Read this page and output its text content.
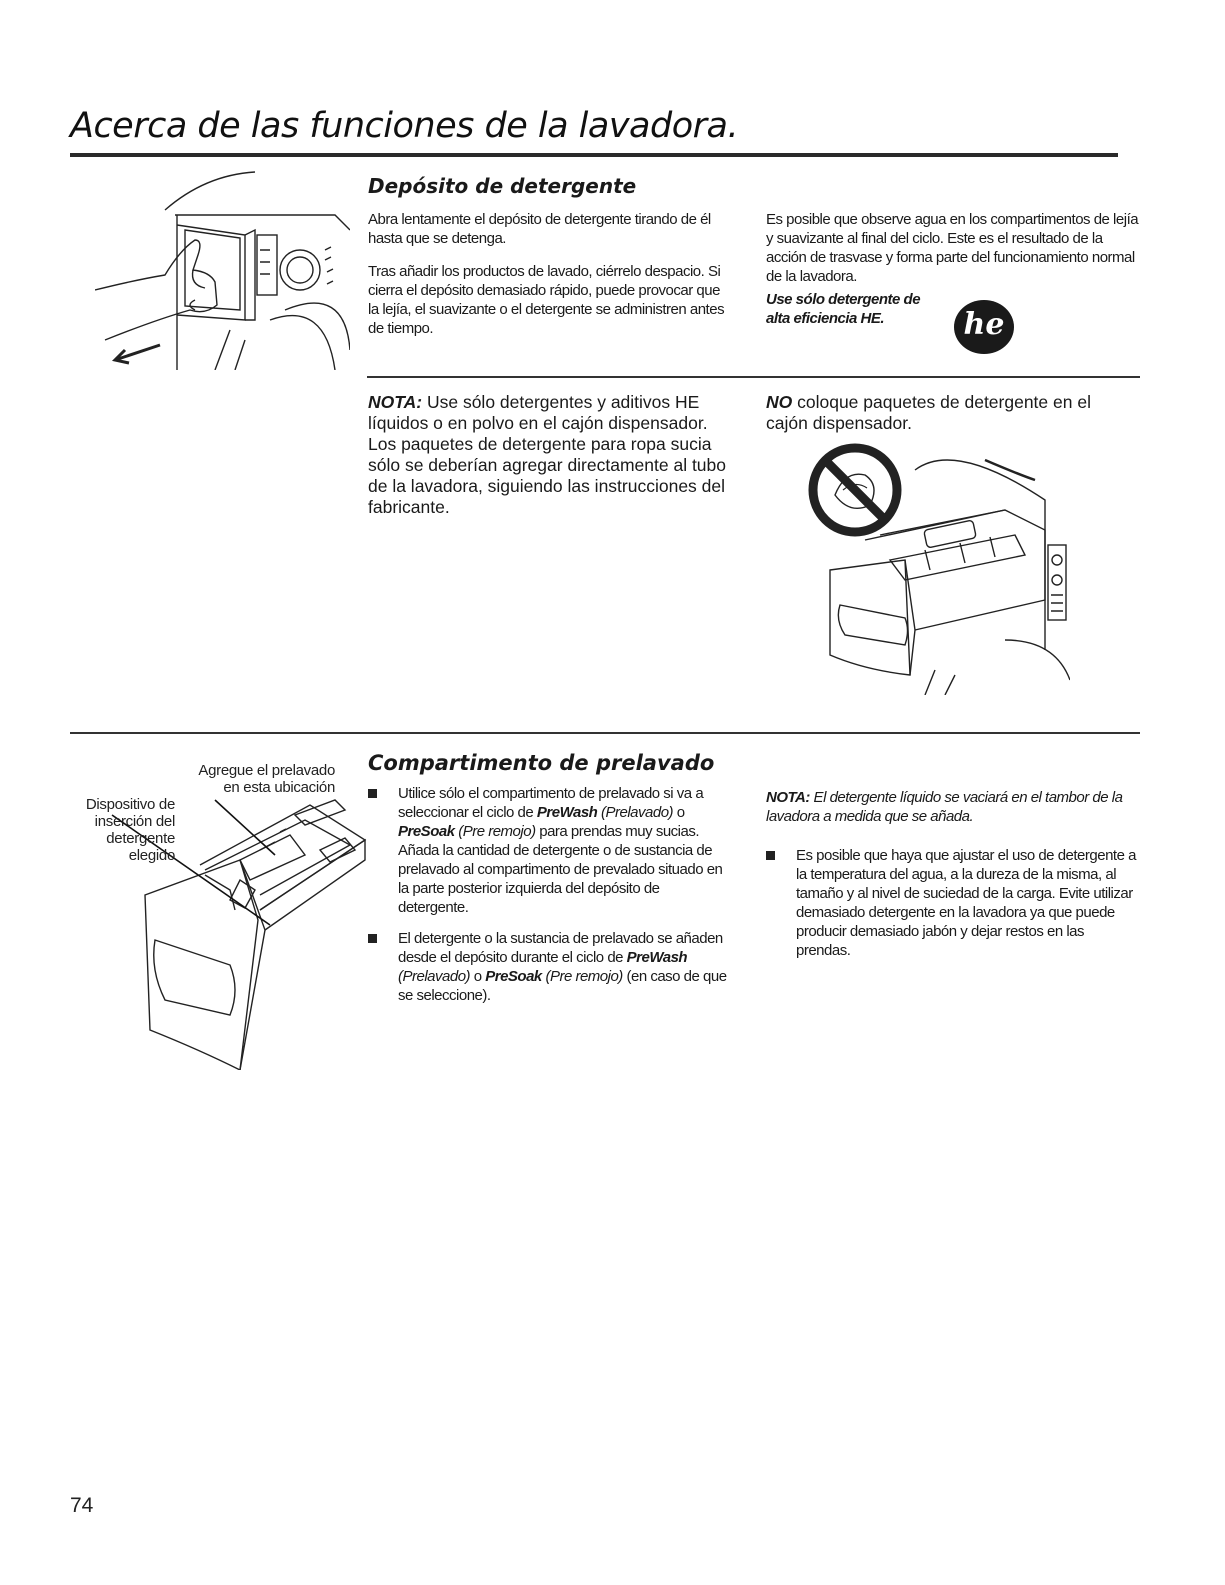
Acerca de las funciones de la lavadora.
Depósito de detergente

Abra lentamente el depósito de detergente tirando de él hasta que se detenga.

Tras añadir los productos de lavado, ciérrelo despacio. Si cierra el depósito demasiado rápido, puede provocar que la lejía, el suavizante o el detergente se administren antes de tiempo.

Es posible que observe agua en los compartimentos de lejía y suavizante al final del ciclo. Este es el resultado de la acción de trasvase y forma parte del funcionamiento normal de la lavadora.

Use sólo detergente de
alta eficiencia HE.	he
NOTA: Use sólo detergentes y aditivos HE líquidos o en polvo en el cajón dispensador. Los paquetes de detergente para ropa sucia sólo se deberían agregar directamente al tubo de la lavadora, siguiendo las instrucciones del fabricante.
NO coloque paquetes de detergente en el cajón dispensador.
Agregue el prelavado
en esta ubicación
Dispositivo de
inserción del
detergente
elegido
Compartimento de prelavado
Utilice sólo el compartimento de prelavado si va a seleccionar el ciclo de PreWash (Prelavado) o PreSoak (Pre remojo) para prendas muy sucias. Añada la cantidad de detergente o de sustancia de prelavado al compartimento de prevalado situado en la parte posterior izquierda del depósito de detergente.
El detergente o la sustancia de prelavado se añaden desde el depósito durante el ciclo de PreWash (Prelavado) o PreSoak (Pre remojo) (en caso de que se seleccione).
NOTA: El detergente líquido se vaciará en el tambor de la lavadora a medida que se añada.
Es posible que haya que ajustar el uso de detergente a la temperatura del agua, a la dureza de la misma, al tamaño y al nivel de suciedad de la carga. Evite utilizar demasiado detergente en la lavadora ya que puede producir demasiado jabón y dejar restos en las prendas.
74
